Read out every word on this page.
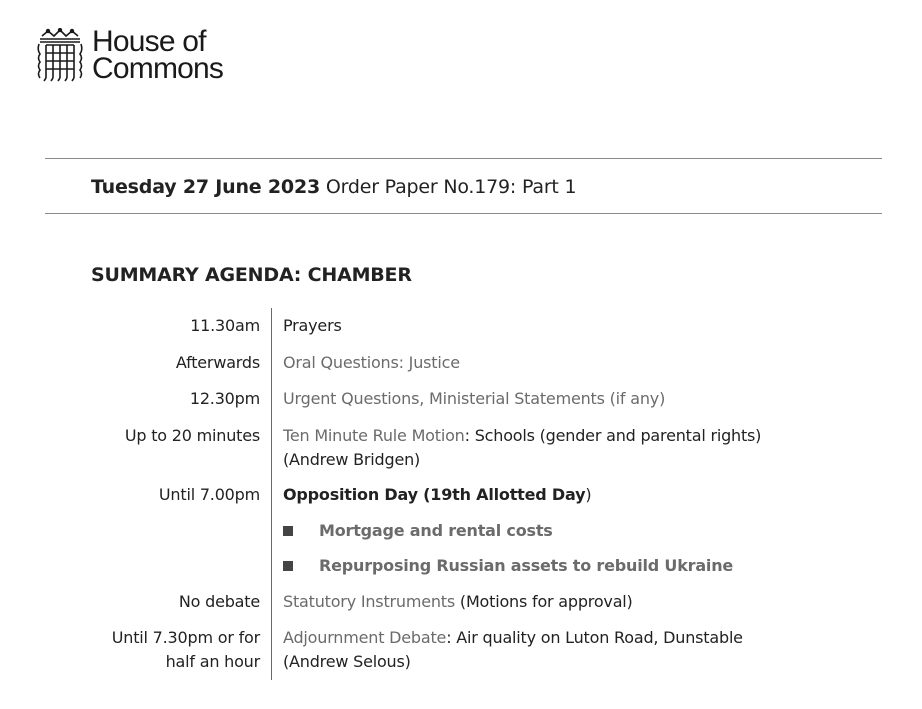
House of
Commons
Tuesday 27 June 2023 Order Paper No.179: Part 1
SUMMARY AGENDA: CHAMBER
11.30am Prayers
Afterwards Oral Questions: Justice
12.30pm Urgent Questions, Ministerial Statements (if any)
Up to 20 minutes Ten Minute Rule Motion: Schools (gender and parental rights)
(Andrew Bridgen)
Until 7.00pm Opposition Day (19th Allotted Day)
Mortgage and rental costs
Repurposing Russian assets to rebuild Ukraine
No debate Statutory Instruments (Motions for approval)
Until 7.30pm or for
half an hour
Adjournment Debate: Air quality on Luton Road, Dunstable
(Andrew Selous)
